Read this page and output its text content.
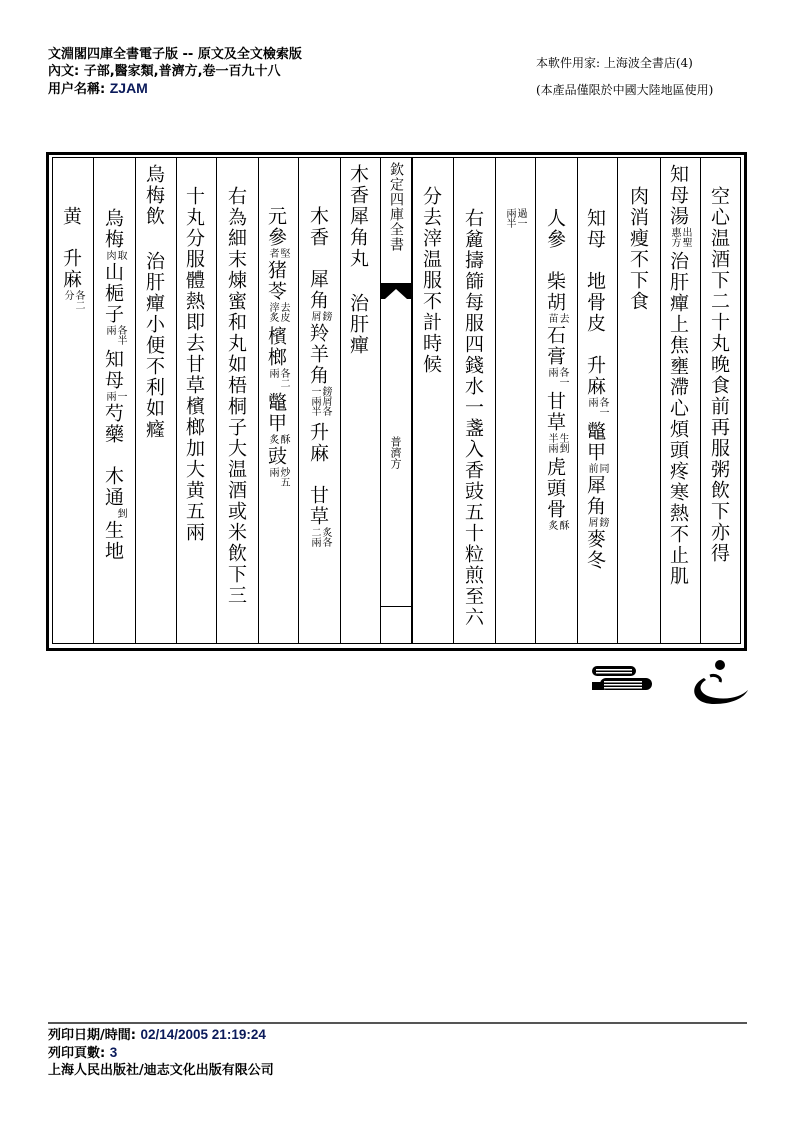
文淵閣四庫全書電子版 -- 原文及全文檢索版
內文: 子部,醫家類,普濟方,卷一百九十八
用户名稱: ZJAM
本軟件用家: 上海波全書店(4)
(本產品僅限於中國大陸地區使用)
空心温酒下二十丸晚食前再服粥飲下亦得
知母湯出聖惠方治肝癉上焦壅滯心煩頭疼寒熱不止肌
肉消瘦不下食
知母　地骨皮　升麻各一兩鼈甲同前犀角鎊屑麥冬
人參　柴胡去苗石膏各一兩甘草生剉半兩虎頭骨酥炙
過一兩半
右麄擣篩每服四錢水一盞入香豉五十粒煎至六
分去滓温服不計時候
木香犀角丸 治肝癉
木香　犀角鎊屑羚羊角鎊屑各一兩半升麻　甘草炙各二兩
元參堅者猪苓去皮滓炙檳榔各二兩鼈甲酥炙豉炒五兩
右為細末煉蜜和丸如梧桐子大温酒或米飲下三
十丸分服體熱即去甘草檳榔加大黄五兩
烏梅飲 治肝癉小便不利如癃
烏梅取肉山梔子各半兩知母一兩芍藥　木通剉生地
黄　升麻各二分
欽定四庫全書
普濟方
列印日期/時間: 02/14/2005 21:19:24
列印頁數: 3
上海人民出版社/迪志文化出版有限公司
